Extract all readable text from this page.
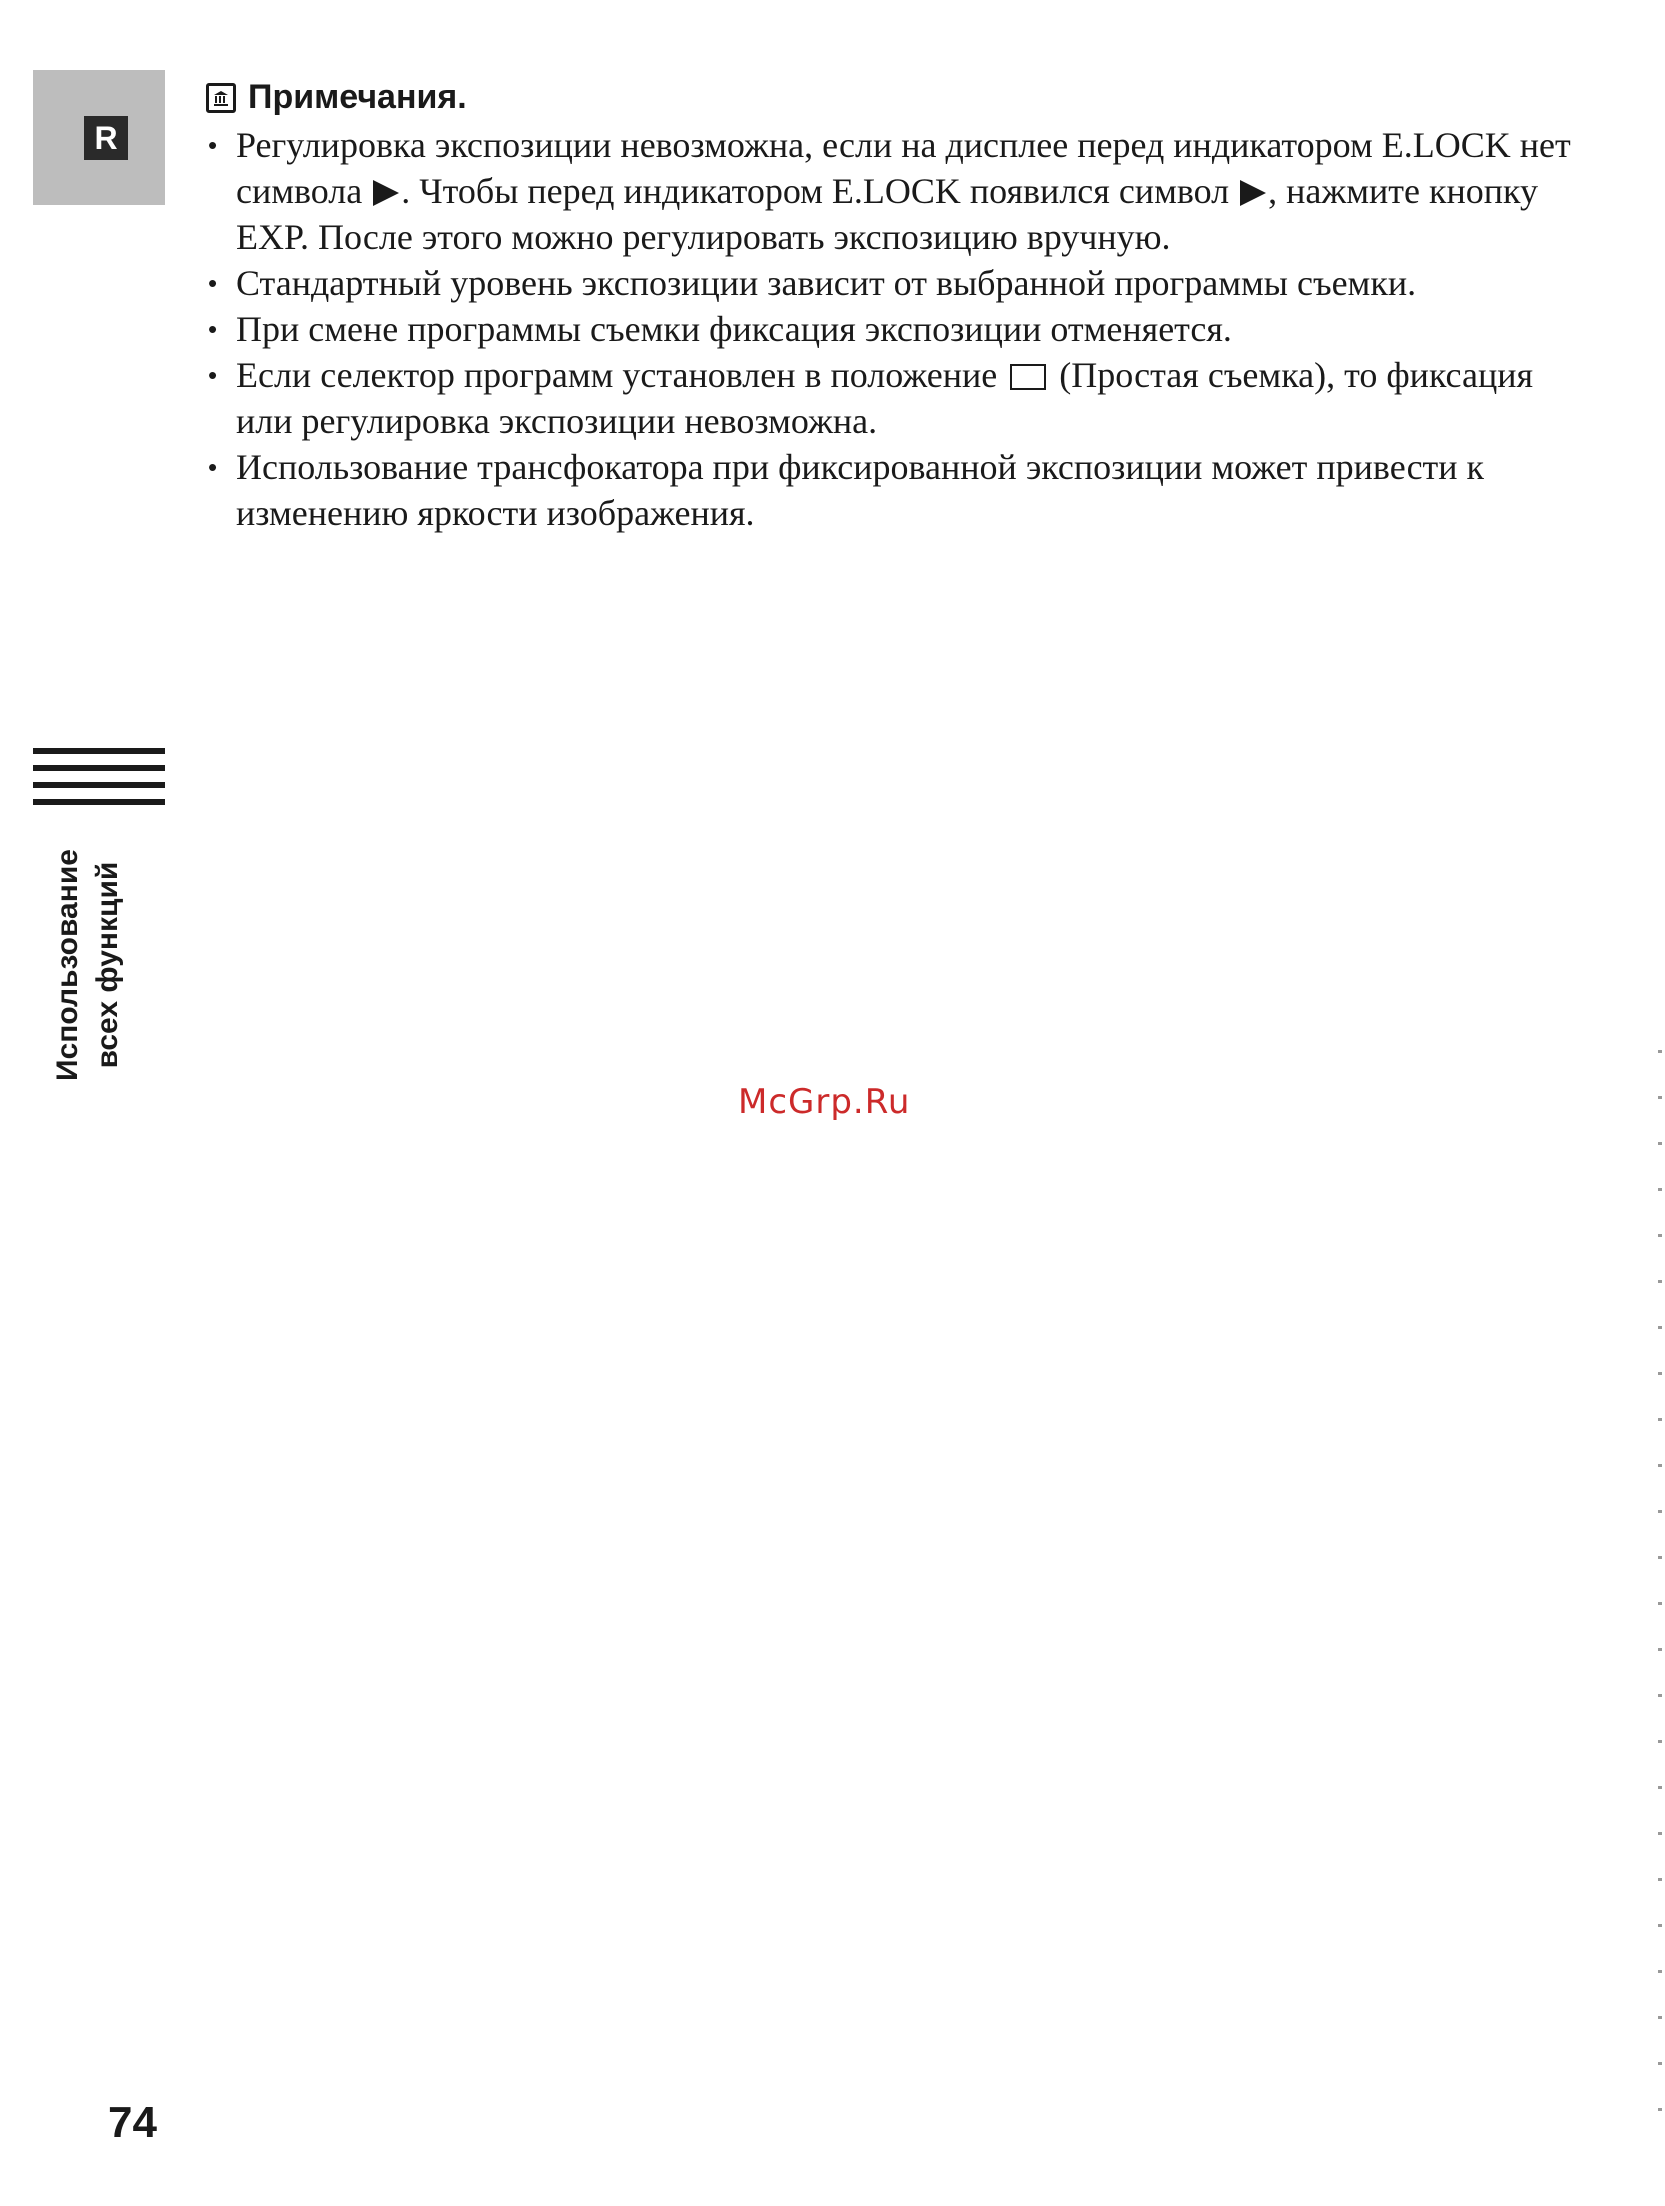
R
Примечания.
• Регулировка экспозиции невозможна, если на дисплее перед индикатором E.LOCK нет символа . Чтобы перед индикатором E.LOCK появился символ , нажмите кнопку EXP. После этого можно регулировать экспозицию вручную.
• Стандартный уровень экспозиции зависит от выбранной программы съемки.
• При смене программы съемки фиксация экспозиции отменяется.
• Если селектор программ установлен в положение  (Простая съемка), то фиксация или регулировка экспозиции невозможна.
• Использование трансфокатора при фиксированной экспозиции может привести к изменению яркости изображения.
Использование всех функций
McGrp.Ru
74
